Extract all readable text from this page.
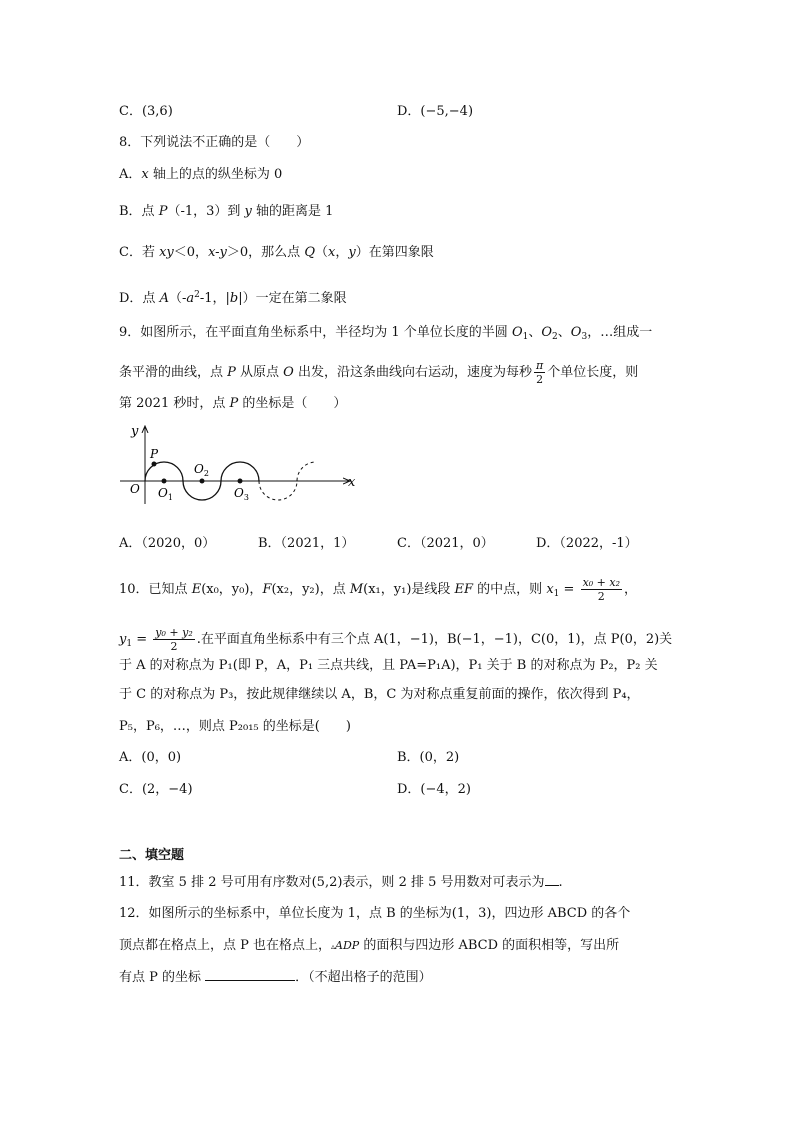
C．(3,6)	D．(−5,−4)
8．下列说法不正确的是（　　）
A．x 轴上的点的纵坐标为 0
B．点 P（-1，3）到 y 轴的距离是 1
C．若 xy＜0，x-y＞0，那么点 Q（x，y）在第四象限
D．点 $A(-a^2-1$，|b|）一定在第二象限
9．如图所示，在平面直角坐标系中，半径均为 1 个单位长度的半圆 $O_1$、$O_2$、$O_3$，…组成一
条平滑的曲线，点 P 从原点 O 出发，沿这条曲线向右运动，速度为每秒 $\frac{\pi}{2}$ 个单位长度，则
第 2021 秒时，点 P 的坐标是（　　）
y
x
P
O $O_1$
$O_2$
$O_3$
A．（2020，0）	B．（2021，1）	C．（2021，0）	D．（2022，-1）
10．已知点 E(x₀，y₀)，F(x₂，y₂)，点 M(x₁，y₁)是线段 EF 的中点，则 $x_1 = \frac{\text{x₀ + x₂}}{2}$ ，
$y_1 = \frac{\text{y₀ + y₂}}{2}$ .在平面直角坐标系中有三个点 A(1，−1)，B(−1，−1)，C(0，1)，点 P(0，2)关
于 A 的对称点为 P₁(即 P，A，P₁ 三点共线，且 PA=P₁A)，P₁ 关于 B 的对称点为 P₂，P₂ 关
于 C 的对称点为 P₃，按此规律继续以 A，B，C 为对称点重复前面的操作，依次得到 P₄，
P₅，P₆，…，则点 P₂₀₁₅ 的坐标是(　　)
A．(0，0)	B．(0，2)
C．(2，−4)	D．(−4，2)
二、填空题
11．教室 5 排 2 号可用有序数对(5,2)表示，则 2 排 5 号用数对可表示为 .
12．如图所示的坐标系中，单位长度为 1，点 B 的坐标为(1，3)，四边形 ABCD 的各个
顶点都在格点上，点 P 也在格点上，▵ADP 的面积与四边形 ABCD 的面积相等，写出所
有点 P 的坐标	．（不超出格子的范围）
